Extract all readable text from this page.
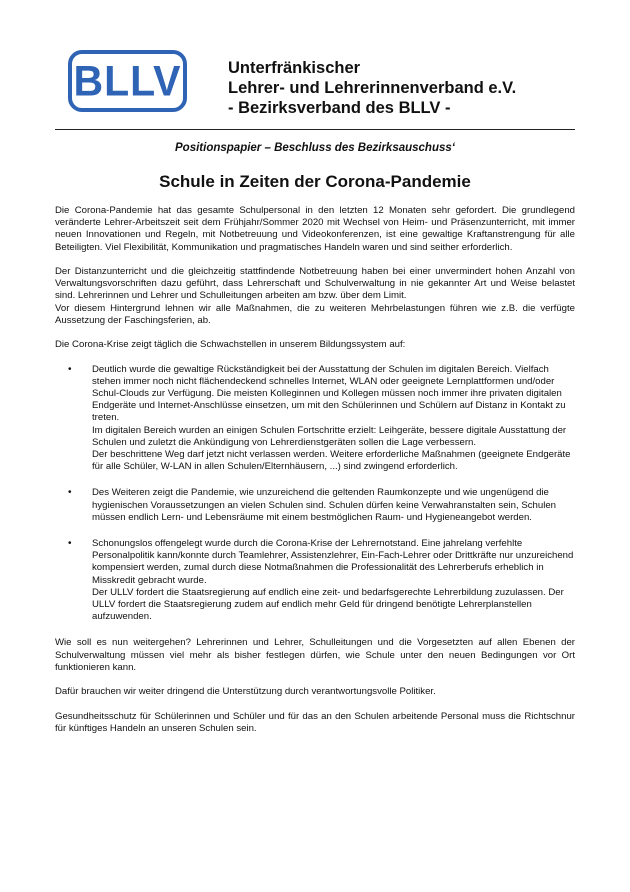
BLLV	Unterfränkischer
Lehrer- und Lehrerinnenverband e.V.
- Bezirksverband des BLLV -
Positionspapier – Beschluss des Bezirksauschuss‘
Schule in Zeiten der Corona-Pandemie

Die Corona-Pandemie hat das gesamte Schulpersonal in den letzten 12 Monaten sehr gefordert. Die grundlegend veränderte Lehrer-Arbeitszeit seit dem Frühjahr/Sommer 2020 mit Wechsel von Heim- und Präsenzunterricht, mit immer neuen Innovationen und Regeln, mit Notbetreuung und Videokonferenzen, ist eine gewaltige Kraftanstrengung für alle Beteiligten. Viel Flexibilität, Kommunikation und pragmatisches Handeln waren und sind seither erforderlich.

Der Distanzunterricht und die gleichzeitig stattfindende Notbetreuung haben bei einer unvermindert hohen Anzahl von Verwaltungsvorschriften dazu geführt, dass Lehrerschaft und Schulverwaltung in nie gekannter Art und Weise belastet sind. Lehrerinnen und Lehrer und Schulleitungen arbeiten am bzw. über dem Limit.

Vor diesem Hintergrund lehnen wir alle Maßnahmen, die zu weiteren Mehrbelastungen führen wie z.B. die verfügte Aussetzung der Faschingsferien, ab.

Die Corona-Krise zeigt täglich die Schwachstellen in unserem Bildungssystem auf:

• Deutlich wurde die gewaltige Rückständigkeit bei der Ausstattung der Schulen im digitalen Bereich. Vielfach stehen immer noch nicht flächendeckend schnelles Internet, WLAN oder geeignete Lernplattformen und/oder Schul-Clouds zur Verfügung. Die meisten Kolleginnen und Kollegen müssen noch immer ihre privaten digitalen Endgeräte und Internet-Anschlüsse einsetzen, um mit den Schülerinnen und Schülern auf Distanz in Kontakt zu treten.
Im digitalen Bereich wurden an einigen Schulen Fortschritte erzielt: Leihgeräte, bessere digitale Ausstattung der Schulen und zuletzt die Ankündigung von Lehrerdienstgeräten sollen die Lage verbessern.
Der beschrittene Weg darf jetzt nicht verlassen werden. Weitere erforderliche Maßnahmen (geeignete Endgeräte für alle Schüler, W-LAN in allen Schulen/Elternhäusern, ...) sind zwingend erforderlich.
• Des Weiteren zeigt die Pandemie, wie unzureichend die geltenden Raumkonzepte und wie ungenügend die hygienischen Voraussetzungen an vielen Schulen sind. Schulen dürfen keine Verwahranstalten sein, Schulen müssen endlich Lern- und Lebensräume mit einem bestmöglichen Raum- und Hygieneangebot werden.
• Schonungslos offengelegt wurde durch die Corona-Krise der Lehrernotstand. Eine jahrelang verfehlte Personalpolitik kann/konnte durch Teamlehrer, Assistenzlehrer, Ein-Fach-Lehrer oder Drittkräfte nur unzureichend kompensiert werden, zumal durch diese Notmaßnahmen die Professionalität des Lehrerberufs erheblich in Misskredit gebracht wurde.
Der ULLV fordert die Staatsregierung auf endlich eine zeit- und bedarfsgerechte Lehrerbildung zuzulassen. Der ULLV fordert die Staatsregierung zudem auf endlich mehr Geld für dringend benötigte Lehrerplanstellen aufzuwenden.

Wie soll es nun weitergehen? Lehrerinnen und Lehrer, Schulleitungen und die Vorgesetzten auf allen Ebenen der Schulverwaltung müssen viel mehr als bisher festlegen dürfen, wie Schule unter den neuen Bedingungen vor Ort funktionieren kann.

Dafür brauchen wir weiter dringend die Unterstützung durch verantwortungsvolle Politiker.

Gesundheitsschutz für Schülerinnen und Schüler und für das an den Schulen arbeitende Personal muss die Richtschnur für künftiges Handeln an unseren Schulen sein.
